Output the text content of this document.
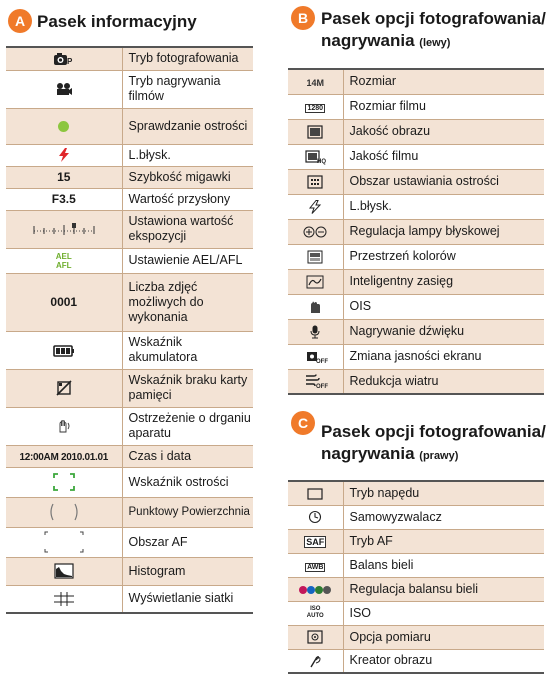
A Pasek informacyjny
P	Tryb fotografowania
	Tryb nagrywania filmów
	Sprawdzanie ostrości
	L.błysk.
15	Szybkość migawki
F3.5	Wartość przysłony
	Ustawiona wartość ekspozycji

AEL
AFL	Ustawienie AEL/AFL
0001	Liczba zdjęć możliwych do wykonania
	Wskaźnik akumulatora
	Wskaźnik braku karty pamięci
	Ostrzeżenie o drganiu aparatu
12:00AM 2010.01.01	Czas i data
	Wskaźnik ostrości
	Punktowy Powierzchnia
	Obszar AF
	Histogram
	Wyświetlanie siatki
B Pasek opcji fotografowania/
nagrywania (lewy)
14M	Rozmiar
1280	Rozmiar filmu
	Jakość obrazu

HQ	Jakość filmu
	Obszar ustawiania ostrości
	L.błysk.
	Regulacja lampy błyskowej
	Przestrzeń kolorów
	Inteligentny zasięg
	OIS
	Nagrywanie dźwięku

OFF	Zmiana jasności ekranu

OFF	Redukcja wiatru
C Pasek opcji fotografowania/
nagrywania (prawy)
	Tryb napędu
	Samowyzwalacz
SAF	Tryb AF
AWB	Balans bieli
	Regulacja balansu bieli
ISO AUTO	ISO
	Opcja pomiaru
	Kreator obrazu
